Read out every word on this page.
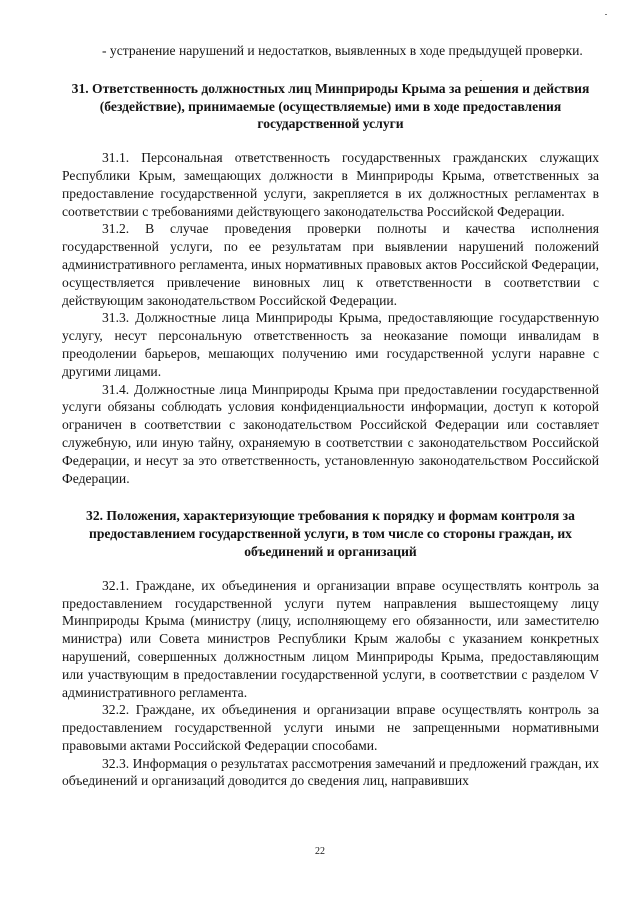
- устранение нарушений и недостатков, выявленных в ходе предыдущей проверки.

31. Ответственность должностных лиц Минприроды Крыма за решения и действия (бездействие), принимаемые (осуществляемые) ими в ходе предоставления государственной услуги

31.1. Персональная ответственность государственных гражданских служащих Республики Крым, замещающих должности в Минприроды Крыма, ответственных за предоставление государственной услуги, закрепляется в их должностных регламентах в соответствии с требованиями действующего законодательства Российской Федерации.

31.2. В случае проведения проверки полноты и качества исполнения государственной услуги, по ее результатам при выявлении нарушений положений административного регламента, иных нормативных правовых актов Российской Федерации, осуществляется привлечение виновных лиц к ответственности в соответствии с действующим законодательством Российской Федерации.

31.3. Должностные лица Минприроды Крыма, предоставляющие государственную услугу, несут персональную ответственность за неоказание помощи инвалидам в преодолении барьеров, мешающих получению ими государственной услуги наравне с другими лицами.

31.4. Должностные лица Минприроды Крыма при предоставлении государственной услуги обязаны соблюдать условия конфиденциальности информации, доступ к которой ограничен в соответствии с законодательством Российской Федерации или составляет служебную, или иную тайну, охраняемую в соответствии с законодательством Российской Федерации, и несут за это ответственность, установленную законодательством Российской Федерации.

32. Положения, характеризующие требования к порядку и формам контроля за предоставлением государственной услуги, в том числе со стороны граждан, их объединений и организаций

32.1. Граждане, их объединения и организации вправе осуществлять контроль за предоставлением государственной услуги путем направления вышестоящему лицу Минприроды Крыма (министру (лицу, исполняющему его обязанности, или заместителю министра) или Совета министров Республики Крым жалобы с указанием конкретных нарушений, совершенных должностным лицом Минприроды Крыма, предоставляющим или участвующим в предоставлении государственной услуги, в соответствии с разделом V административного регламента.

32.2. Граждане, их объединения и организации вправе осуществлять контроль за предоставлением государственной услуги иными не запрещенными нормативными правовыми актами Российской Федерации способами.

32.3. Информация о результатах рассмотрения замечаний и предложений граждан, их объединений и организаций доводится до сведения лиц, направивших

22
